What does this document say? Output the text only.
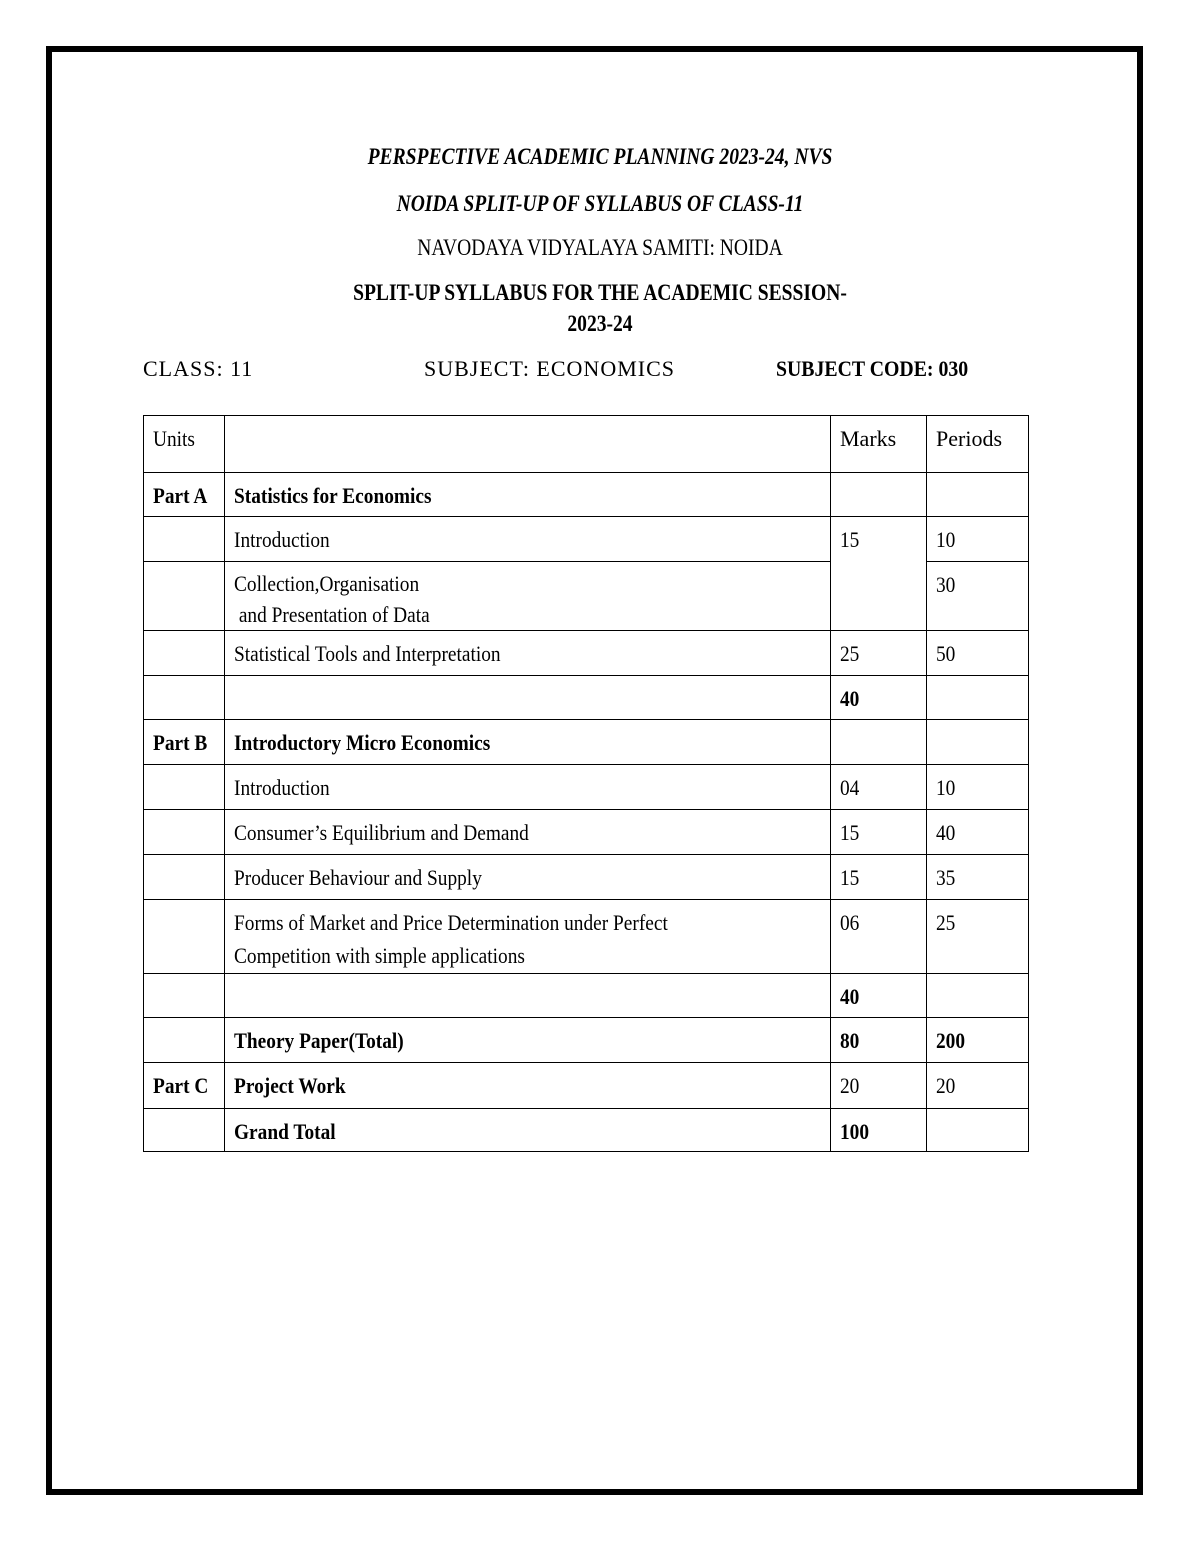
PERSPECTIVE ACADEMIC PLANNING 2023-24, NVS
NOIDA SPLIT-UP OF SYLLABUS OF CLASS-11
NAVODAYA VIDYALAYA SAMITI: NOIDA
SPLIT-UP SYLLABUS FOR THE ACADEMIC SESSION-
2023-24
CLASS: 11	SUBJECT: ECONOMICS	SUBJECT CODE: 030
Units		Marks	Periods
Part A	Statistics for Economics		
	Introduction	15	10
	Collection,Organisation
and Presentation of Data		30
	Statistical Tools and Interpretation	25	50
		40	
Part B	Introductory Micro Economics		
	Introduction	04	10
	Consumer’s Equilibrium and Demand	15	40
	Producer Behaviour and Supply	15	35
	Forms of Market and Price Determination under Perfect
Competition with simple applications	06	25
		40	
	Theory Paper(Total)	80	200
Part C	Project Work	20	20
	Grand Total	100	
